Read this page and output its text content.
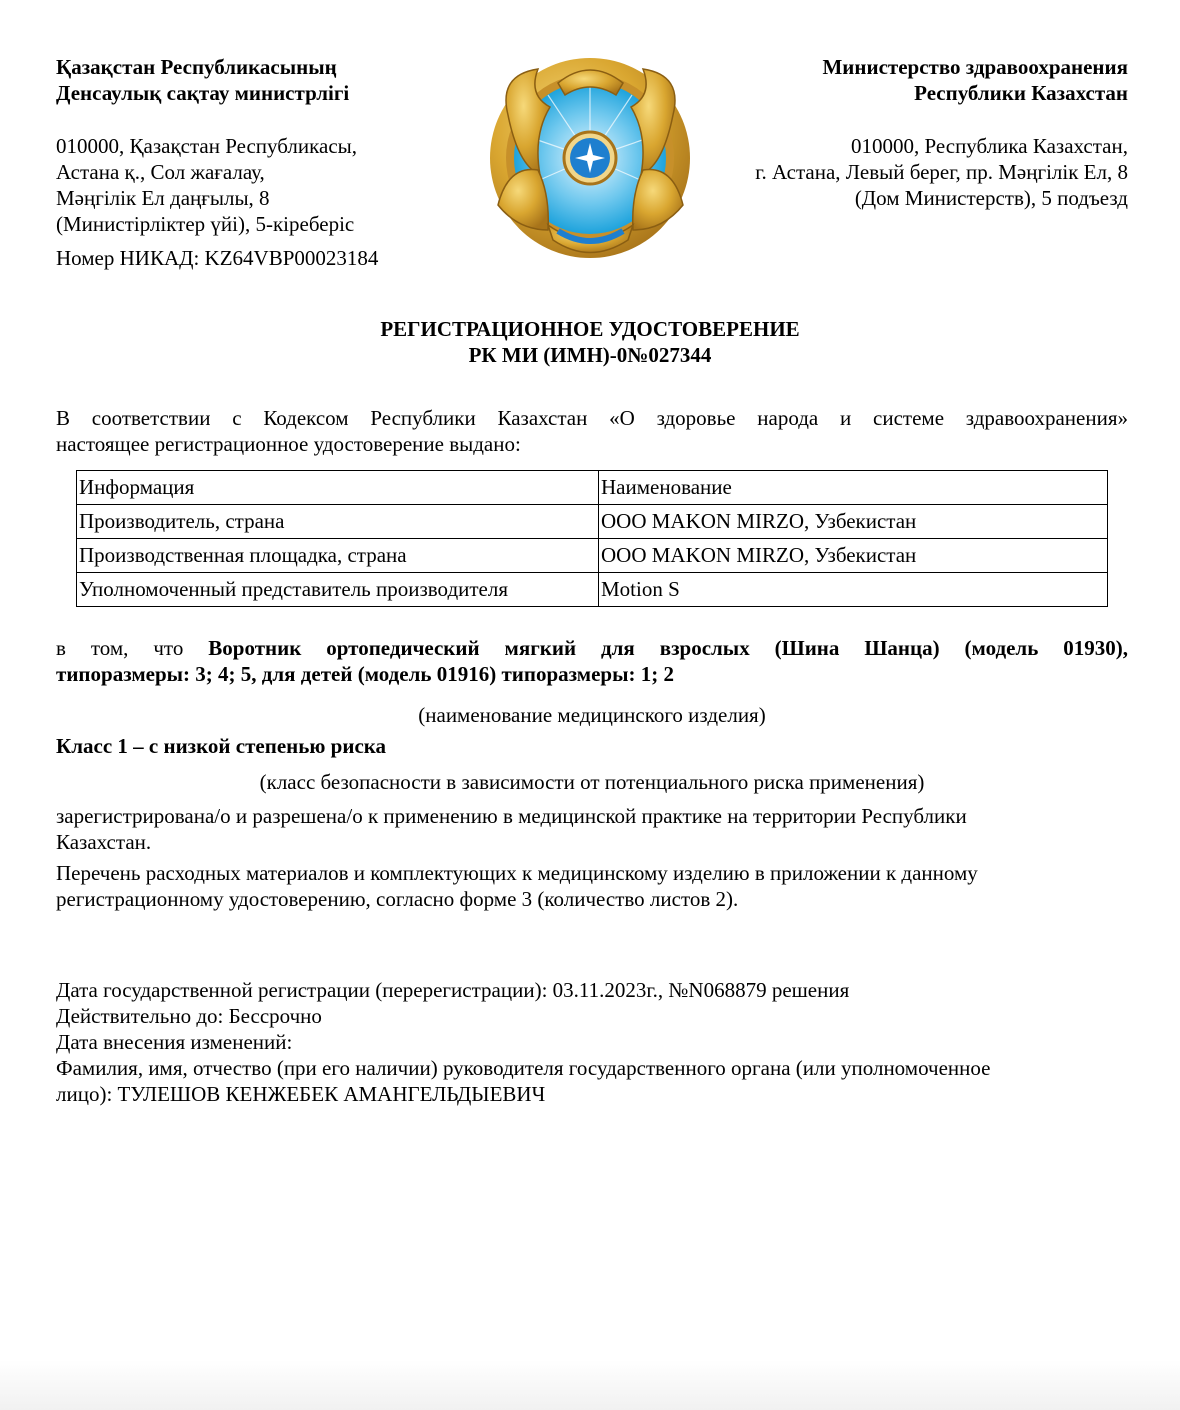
Қазақстан Республикасының
Денсаулық сақтау министрлігі
010000, Қазақстан Республикасы,
Астана қ., Сол жағалау,
Мәңгілік Ел даңғылы, 8
(Министірліктер үйі), 5-кіреберіс
Номер НИКАД: KZ64VBP00023184
Министерство здравоохранения
Республики Казахстан
010000, Республика Казахстан,
г. Астана, Левый берег, пр. Мәңгілік Ел, 8
(Дом Министерств), 5 подъезд
РЕГИСТРАЦИОННОЕ УДОСТОВЕРЕНИЕ
РК МИ (ИМН)-0№027344
В соответствии с Кодексом Республики Казахстан «О здоровье народа и системе здравоохранения»
настоящее регистрационное удостоверение выдано:
Информация	Наименование
Производитель, страна	ООО MAKON MIRZO, Узбекистан
Производственная площадка, страна	ООО MAKON MIRZO, Узбекистан
Уполномоченный представитель производителя	Motion S
в том, что Воротник ортопедический мягкий для взрослых (Шина Шанца) (модель 01930),
типоразмеры: 3; 4; 5, для детей (модель 01916) типоразмеры: 1; 2
(наименование медицинского изделия)
Класс 1 – с низкой степенью риска
(класс безопасности в зависимости от потенциального риска применения)
зарегистрирована/о и разрешена/о к применению в медицинской практике на территории Республики
Казахстан.
Перечень расходных материалов и комплектующих к медицинскому изделию в приложении к данному
регистрационному удостоверению, согласно форме 3 (количество листов 2).
Дата государственной регистрации (перерегистрации): 03.11.2023г., №N068879 решения
Действительно до: Бессрочно
Дата внесения изменений:
Фамилия, имя, отчество (при его наличии) руководителя государственного органа (или уполномоченное
лицо): ТУЛЕШОВ КЕНЖЕБЕК АМАНГЕЛЬДЫЕВИЧ
